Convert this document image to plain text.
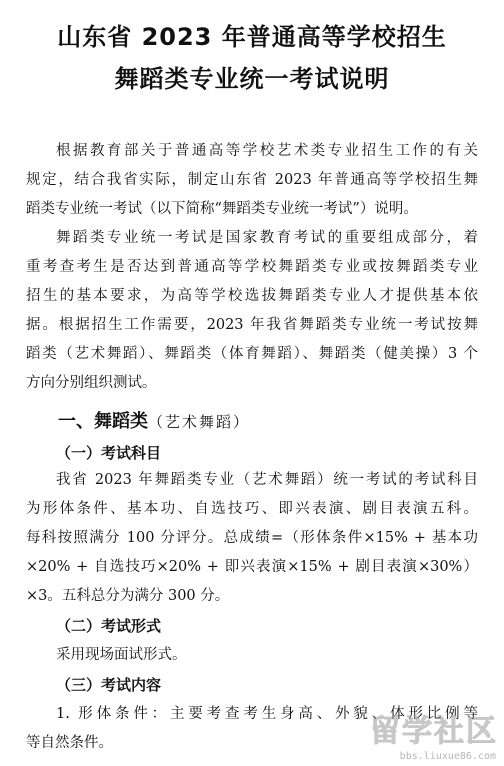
山东省 2023 年普通高等学校招生
舞蹈类专业统一考试说明
根据教育部关于普通高等学校艺术类专业招生工作的有关
规定，结合我省实际，制定山东省 2023 年普通高等学校招生舞
蹈类专业统一考试（以下简称“舞蹈类专业统一考试”）说明。
舞蹈类专业统一考试是国家教育考试的重要组成部分，着
重考查考生是否达到普通高等学校舞蹈类专业或按舞蹈类专业
招生的基本要求，为高等学校选拔舞蹈类专业人才提供基本依
据。根据招生工作需要，2023 年我省舞蹈类专业统一考试按舞
蹈类（艺术舞蹈）、舞蹈类（体育舞蹈）、舞蹈类（健美操）3 个
方向分别组织测试。
一、舞蹈类（艺术舞蹈）
（一）考试科目
我省 2023 年舞蹈类专业（艺术舞蹈）统一考试的考试科目
为形体条件、基本功、自选技巧、即兴表演、剧目表演五科。
每科按照满分 100 分评分。总成绩=（形体条件×15% + 基本功
×20% + 自选技巧×20% + 即兴表演×15% + 剧目表演×30%）
×3。五科总分为满分 300 分。
（二）考试形式
采用现场面试形式。
（三）考试内容
1. 形体条件：主要考查考生身高、外貌、体形比例等
等自然条件。	留学社区
bbs.liuxue86.com
